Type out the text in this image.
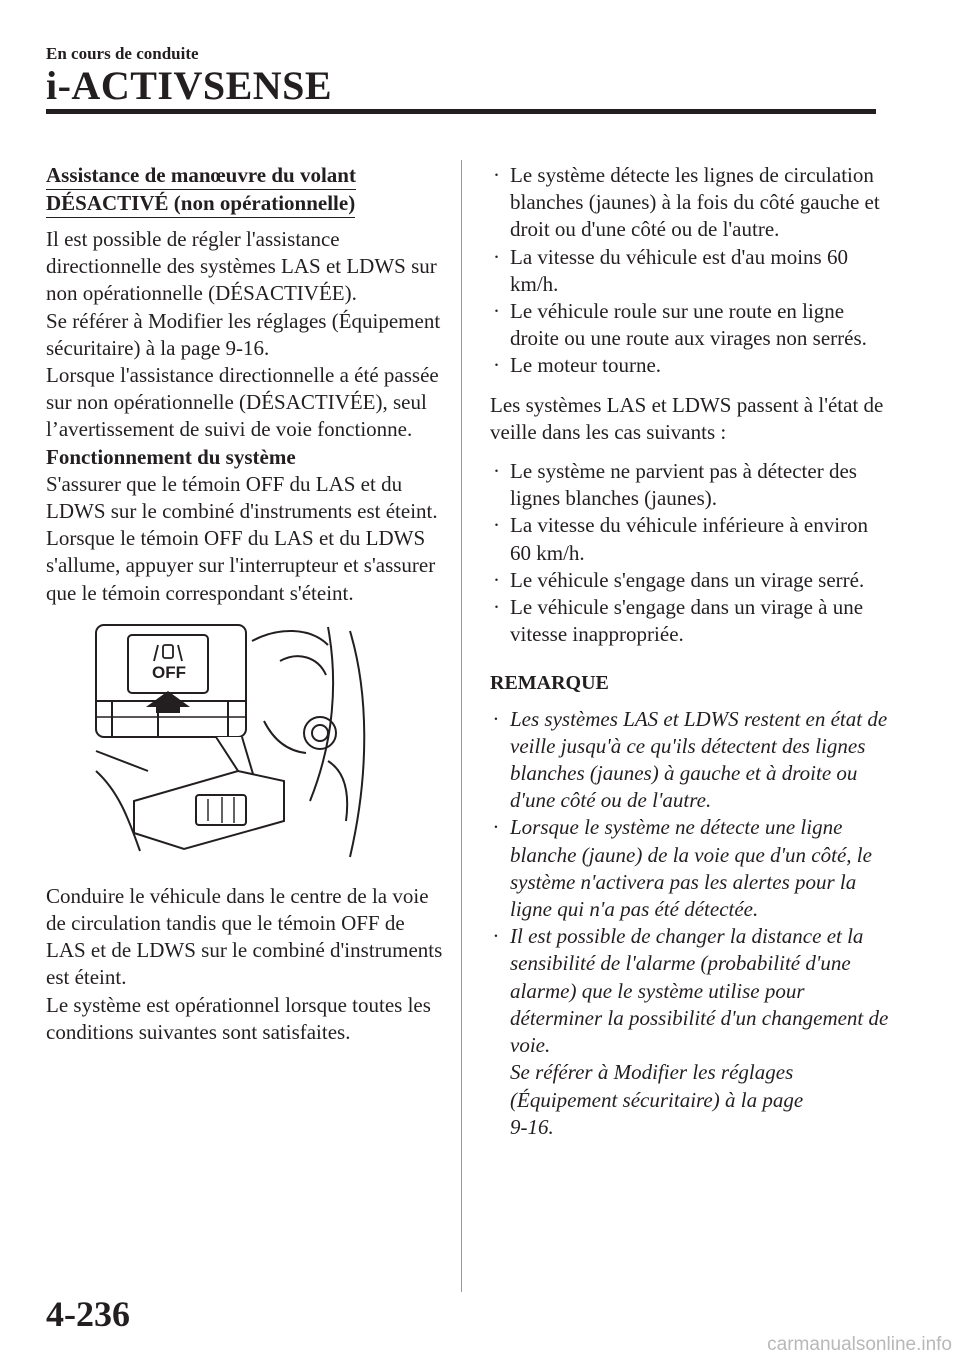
En cours de conduite
i-ACTIVSENSE
Assistance de manœuvre du volant
DÉSACTIVÉ (non opérationnelle)

Il est possible de régler l'assistance directionnelle des systèmes LAS et LDWS sur non opérationnelle (DÉSACTIVÉE).

Se référer à Modifier les réglages (Équipement sécuritaire) à la page 9-16.

Lorsque l'assistance directionnelle a été passée sur non opérationnelle (DÉSACTIVÉE), seul l’avertissement de suivi de voie fonctionne.

Fonctionnement du système

S'assurer que le témoin OFF du LAS et du LDWS sur le combiné d'instruments est éteint. Lorsque le témoin OFF du LAS et du LDWS s'allume, appuyer sur l'interrupteur et s'assurer que le témoin correspondant s'éteint.

OFF

Conduire le véhicule dans le centre de la voie de circulation tandis que le témoin OFF de LAS et de LDWS sur le combiné d'instruments est éteint.

Le système est opérationnel lorsque toutes les conditions suivantes sont satisfaites.

· Le système détecte les lignes de circulation blanches (jaunes) à la fois du côté gauche et droit ou d'une côté ou de l'autre.
· La vitesse du véhicule est d'au moins 60 km/h.
· Le véhicule roule sur une route en ligne droite ou une route aux virages non serrés.
· Le moteur tourne.

Les systèmes LAS et LDWS passent à l'état de veille dans les cas suivants :

· Le système ne parvient pas à détecter des lignes blanches (jaunes).
· La vitesse du véhicule inférieure à environ 60 km/h.
· Le véhicule s'engage dans un virage serré.
· Le véhicule s'engage dans un virage à une vitesse inappropriée.
REMARQUE
· Les systèmes LAS et LDWS restent en état de veille jusqu'à ce qu'ils détectent des lignes blanches (jaunes) à gauche et à droite ou d'une côté ou de l'autre.
· Lorsque le système ne détecte une ligne blanche (jaune) de la voie que d'un côté, le système n'activera pas les alertes pour la ligne qui n'a pas été détectée.
· Il est possible de changer la distance et la sensibilité de l'alarme (probabilité d'une alarme) que le système utilise pour déterminer la possibilité d'un changement de voie.
Se référer à Modifier les réglages
(Équipement sécuritaire) à la page
9-16.
4-236
carmanualsonline.info
